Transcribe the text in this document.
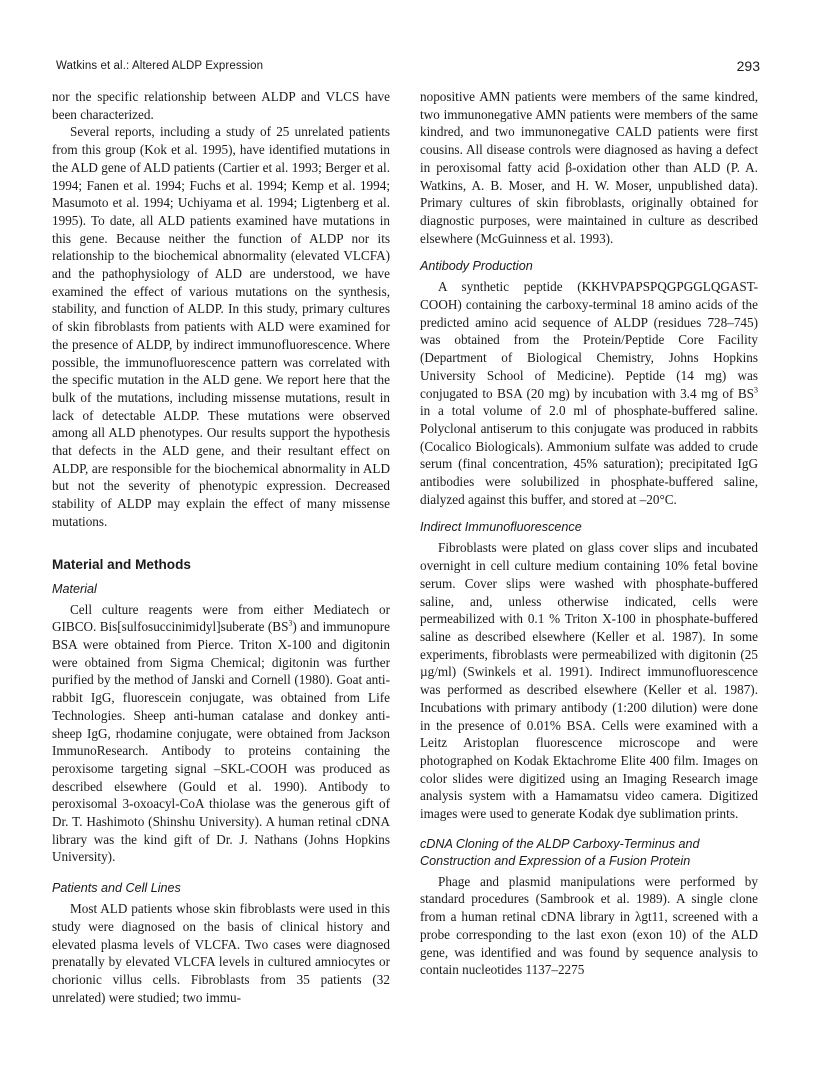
Watkins et al.: Altered ALDP Expression	293

nor the specific relationship between ALDP and VLCS have been characterized.

Several reports, including a study of 25 unrelated patients from this group (Kok et al. 1995), have identified mutations in the ALD gene of ALD patients (Cartier et al. 1993; Berger et al. 1994; Fanen et al. 1994; Fuchs et al. 1994; Kemp et al. 1994; Masumoto et al. 1994; Uchiyama et al. 1994; Ligtenberg et al. 1995). To date, all ALD patients examined have mutations in this gene. Because neither the function of ALDP nor its relationship to the biochemical abnormality (elevated VLCFA) and the pathophysiology of ALD are understood, we have examined the effect of various mutations on the synthesis, stability, and function of ALDP. In this study, primary cultures of skin fibroblasts from patients with ALD were examined for the presence of ALDP, by indirect immunofluorescence. Where possible, the immunofluorescence pattern was correlated with the specific mutation in the ALD gene. We report here that the bulk of the mutations, including missense mutations, result in lack of detectable ALDP. These mutations were observed among all ALD phenotypes. Our results support the hypothesis that defects in the ALD gene, and their resultant effect on ALDP, are responsible for the biochemical abnormality in ALD but not the severity of phenotypic expression. Decreased stability of ALDP may explain the effect of many missense mutations.

Material and Methods
Material

Cell culture reagents were from either Mediatech or GIBCO. Bis[sulfosuccinimidyl]suberate $(BS^3)$ and immunopure BSA were obtained from Pierce. Triton X-100 and digitonin were obtained from Sigma Chemical; digitonin was further purified by the method of Janski and Cornell (1980). Goat anti-rabbit IgG, fluorescein conjugate, was obtained from Life Technologies. Sheep anti-human catalase and donkey anti-sheep IgG, rhodamine conjugate, were obtained from Jackson ImmunoResearch. Antibody to proteins containing the peroxisome targeting signal –SKL-COOH was produced as described elsewhere (Gould et al. 1990). Antibody to peroxisomal 3-oxoacyl-CoA thiolase was the generous gift of Dr. T. Hashimoto (Shinshu University). A human retinal cDNA library was the kind gift of Dr. J. Nathans (Johns Hopkins University).

Patients and Cell Lines

Most ALD patients whose skin fibroblasts were used in this study were diagnosed on the basis of clinical history and elevated plasma levels of VLCFA. Two cases were diagnosed prenatally by elevated VLCFA levels in cultured amniocytes or chorionic villus cells. Fibroblasts from 35 patients (32 unrelated) were studied; two immu-

nopositive AMN patients were members of the same kindred, two immunonegative AMN patients were members of the same kindred, and two immunonegative CALD patients were first cousins. All disease controls were diagnosed as having a defect in peroxisomal fatty acid β-oxidation other than ALD (P. A. Watkins, A. B. Moser, and H. W. Moser, unpublished data). Primary cultures of skin fibroblasts, originally obtained for diagnostic purposes, were maintained in culture as described elsewhere (McGuinness et al. 1993).

Antibody Production

A synthetic peptide (KKHVPAPSPQGPGGLQGAST-COOH) containing the carboxy-terminal 18 amino acids of the predicted amino acid sequence of ALDP (residues 728–745) was obtained from the Protein/Peptide Core Facility (Department of Biological Chemistry, Johns Hopkins University School of Medicine). Peptide (14 mg) was conjugated to BSA (20 mg) by incubation with 3.4 mg of $BS^3$ in a total volume of 2.0 ml of phosphate-buffered saline. Polyclonal antiserum to this conjugate was produced in rabbits (Cocalico Biologicals). Ammonium sulfate was added to crude serum (final concentration, 45% saturation); precipitated IgG antibodies were solubilized in phosphate-buffered saline, dialyzed against this buffer, and stored at –20°C.

Indirect Immunofluorescence

Fibroblasts were plated on glass cover slips and incubated overnight in cell culture medium containing 10% fetal bovine serum. Cover slips were washed with phosphate-buffered saline, and, unless otherwise indicated, cells were permeabilized with 0.1 % Triton X-100 in phosphate-buffered saline as described elsewhere (Keller et al. 1987). In some experiments, fibroblasts were permeabilized with digitonin (25 µg/ml) (Swinkels et al. 1991). Indirect immunofluorescence was performed as described elsewhere (Keller et al. 1987). Incubations with primary antibody (1:200 dilution) were done in the presence of 0.01% BSA. Cells were examined with a Leitz Aristoplan fluorescence microscope and were photographed on Kodak Ektachrome Elite 400 film. Images on color slides were digitized using an Imaging Research image analysis system with a Hamamatsu video camera. Digitized images were used to generate Kodak dye sublimation prints.

cDNA Cloning of the ALDP Carboxy-Terminus and Construction and Expression of a Fusion Protein

Phage and plasmid manipulations were performed by standard procedures (Sambrook et al. 1989). A single clone from a human retinal cDNA library in λgt11, screened with a probe corresponding to the last exon (exon 10) of the ALD gene, was identified and was found by sequence analysis to contain nucleotides 1137–2275
